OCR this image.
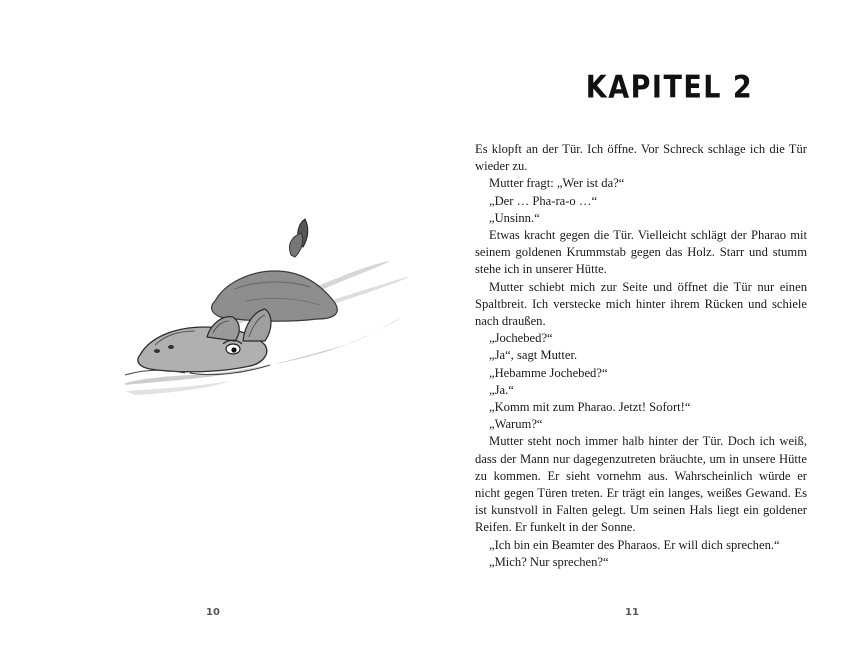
10
KAPITEL 2

Es klopft an der Tür. Ich öffne. Vor Schreck schlage ich die Tür wieder zu.

Mutter fragt: „Wer ist da?“

„Der … Pha-ra-o …“

„Unsinn.“

Etwas kracht gegen die Tür. Vielleicht schlägt der Pharao mit seinem goldenen Krummstab gegen das Holz. Starr und stumm stehe ich in unserer Hütte.

Mutter schiebt mich zur Seite und öffnet die Tür nur einen Spaltbreit. Ich verstecke mich hinter ihrem Rücken und schiele nach draußen.

„Jochebed?“

„Ja“, sagt Mutter.

„Hebamme Jochebed?“

„Ja.“

„Komm mit zum Pharao. Jetzt! Sofort!“

„Warum?“

Mutter steht noch immer halb hinter der Tür. Doch ich weiß, dass der Mann nur dagegenzutreten bräuchte, um in unsere Hütte zu kommen. Er sieht vornehm aus. Wahrscheinlich würde er nicht gegen Türen treten. Er trägt ein langes, weißes Gewand. Es ist kunstvoll in Falten gelegt. Um seinen Hals liegt ein goldener Reifen. Er funkelt in der Sonne.

„Ich bin ein Beamter des Pharaos. Er will dich sprechen.“

„Mich? Nur sprechen?“

11
